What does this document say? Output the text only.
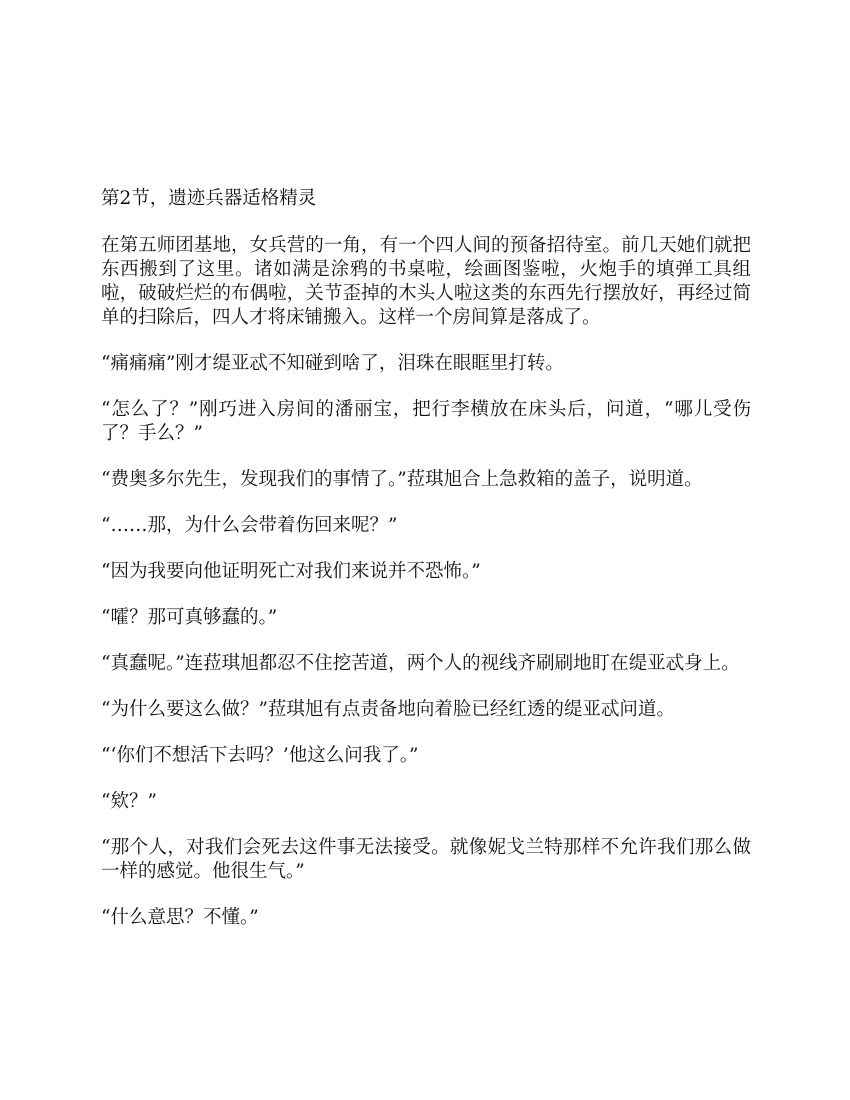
第2节，遗迹兵器适格精灵

在第五师团基地，女兵营的一角，有一个四人间的预备招待室。前几天她们就把东西搬到了这里。诸如满是涂鸦的书桌啦，绘画图鉴啦，火炮手的填弹工具组啦，破破烂烂的布偶啦，关节歪掉的木头人啦这类的东西先行摆放好，再经过简单的扫除后，四人才将床铺搬入。这样一个房间算是落成了。

“痛痛痛”刚才缇亚忒不知碰到啥了，泪珠在眼眶里打转。

“怎么了？”刚巧进入房间的潘丽宝，把行李横放在床头后，问道，“哪儿受伤了？手么？”

“费奥多尔先生，发现我们的事情了。”菈琪旭合上急救箱的盖子，说明道。

“……那，为什么会带着伤回来呢？”

“因为我要向他证明死亡对我们来说并不恐怖。”

“嚯？那可真够蠢的。”

“真蠢呢。”连菈琪旭都忍不住挖苦道，两个人的视线齐刷刷地盯在缇亚忒身上。

“为什么要这么做？”菈琪旭有点责备地向着脸已经红透的缇亚忒问道。

“‘你们不想活下去吗？’他这么问我了。”

“欸？”

“那个人，对我们会死去这件事无法接受。就像妮戈兰特那样不允许我们那么做一样的感觉。他很生气。”

“什么意思？不懂。”
